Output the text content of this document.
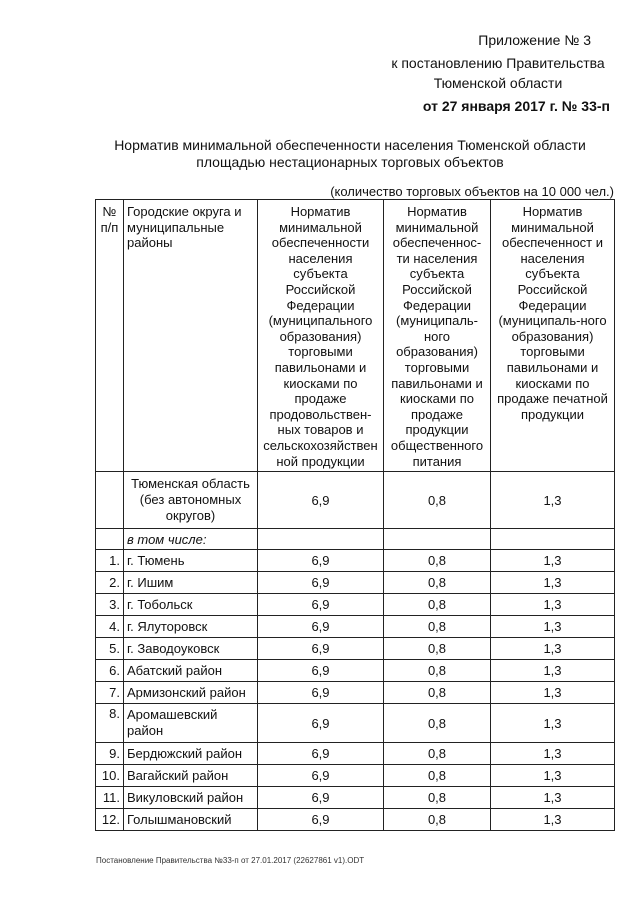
Приложение № 3
к постановлению Правительства
Тюменской области
от 27 января 2017 г. № 33-п
Норматив минимальной обеспеченности населения Тюменской области
площадью нестационарных торговых объектов
(количество торговых объектов на 10 000 чел.)
№ п/п	Городские округа и муниципальные районы	Норматив минимальной обеспеченности населения субъекта Российской Федерации (муниципального образования) торговыми павильонами и киосками по продаже продовольствен-ных товаров и сельскохозяйствен ной продукции	Норматив минимальной обеспеченнос-ти населения субъекта Российской Федерации (муниципаль-ного образования) торговыми павильонами и киосками по продаже продукции общественного питания	Норматив минимальной обеспеченност и населения субъекта Российской Федерации (муниципаль-ного образования) торговыми павильонами и киосками по продаже печатной продукции
	Тюменская область (без автономных округов)	6,9	0,8	1,3
	в том числе:			
1.	г. Тюмень	6,9	0,8	1,3
2.	г. Ишим	6,9	0,8	1,3
3.	г. Тобольск	6,9	0,8	1,3
4.	г. Ялуторовск	6,9	0,8	1,3
5.	г. Заводоуковск	6,9	0,8	1,3
6.	Абатский район	6,9	0,8	1,3
7.	Армизонский район	6,9	0,8	1,3
8.	Аромашевский район	6,9	0,8	1,3
9.	Бердюжский район	6,9	0,8	1,3
10.	Вагайский район	6,9	0,8	1,3
11.	Викуловский район	6,9	0,8	1,3
12.	Голышмановский	6,9	0,8	1,3
Постановление Правительства №33-п от 27.01.2017 (22627861 v1).ODT
